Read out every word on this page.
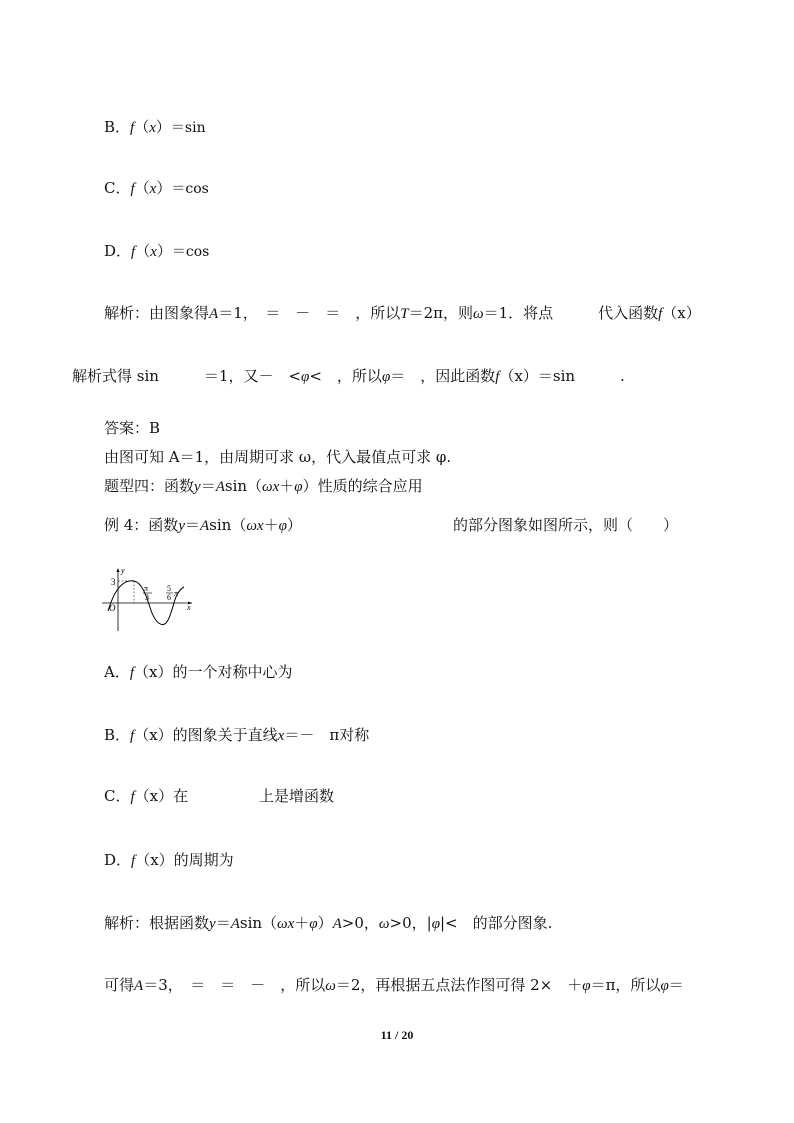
B．f（x）＝sin
C．f（x）＝cos
D．f（x）＝cos
解析：由图象得A＝1，　＝　－　＝　，所以T＝2π，则ω＝1．将点　　　代入函数f（x）
解析式得 sin　　　＝1，又－　<φ<　，所以φ＝　，因此函数f（x）＝sin　　　.
答案：B
由图可知 A＝1，由周期可求 ω，代入最值点可求 φ.
题型四：函数y＝Asin（ωx＋φ）性质的综合应用
例 4：函数y＝Asin（ωx＋φ）	的部分图象如图所示，则（　　）
y
x
O
3
π
3
5
6 π
A．f（x）的一个对称中心为
B．f（x）的图象关于直线x＝－　π对称
C．f（x）在	上是增函数
D．f（x）的周期为
解析：根据函数y＝Asin（ωx＋φ）A>0，ω>0，|φ|<　的部分图象.
可得A＝3，　＝　＝　－　，所以ω＝2，再根据五点法作图可得 2×　＋φ＝π，所以φ＝
11 / 20
